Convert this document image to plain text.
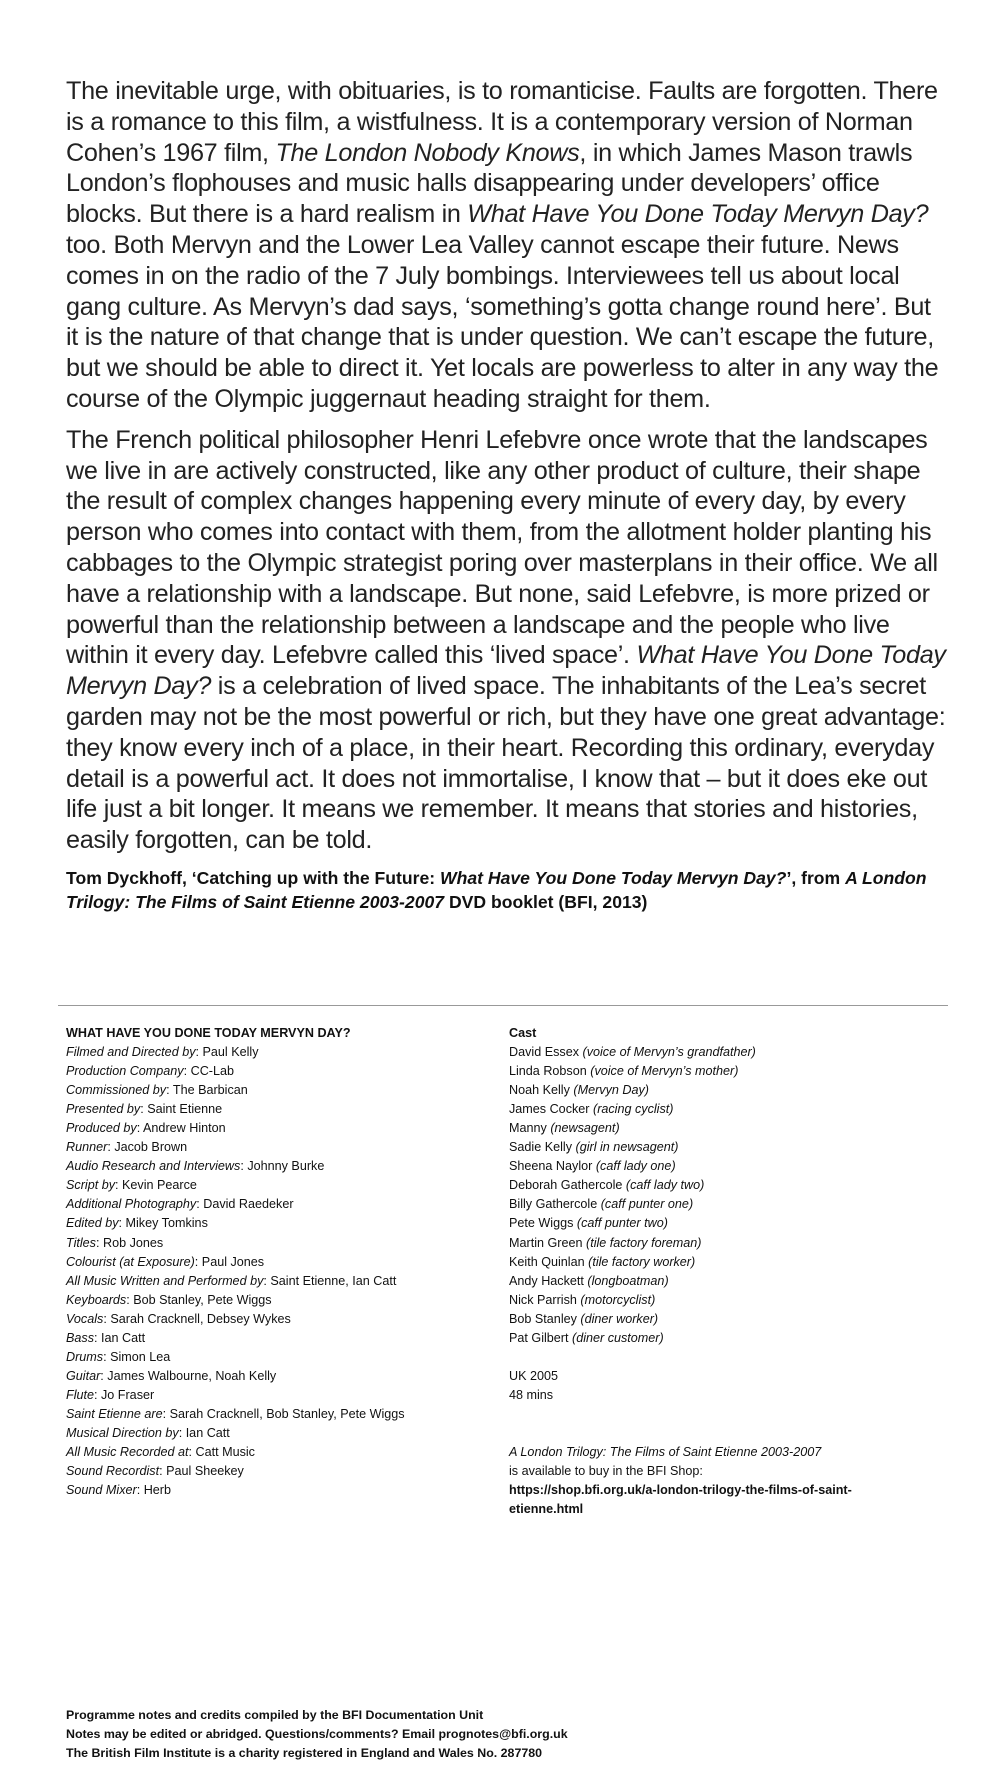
The inevitable urge, with obituaries, is to romanticise. Faults are forgotten. There is a romance to this film, a wistfulness. It is a contemporary version of Norman Cohen’s 1967 film, The London Nobody Knows, in which James Mason trawls London’s flophouses and music halls disappearing under developers’ office blocks. But there is a hard realism in What Have You Done Today Mervyn Day? too. Both Mervyn and the Lower Lea Valley cannot escape their future. News comes in on the radio of the 7 July bombings. Interviewees tell us about local gang culture. As Mervyn’s dad says, ‘something’s gotta change round here’. But it is the nature of that change that is under question. We can’t escape the future, but we should be able to direct it. Yet locals are powerless to alter in any way the course of the Olympic juggernaut heading straight for them.

The French political philosopher Henri Lefebvre once wrote that the landscapes we live in are actively constructed, like any other product of culture, their shape the result of complex changes happening every minute of every day, by every person who comes into contact with them, from the allotment holder planting his cabbages to the Olympic strategist poring over masterplans in their office. We all have a relationship with a landscape. But none, said Lefebvre, is more prized or powerful than the relationship between a landscape and the people who live within it every day. Lefebvre called this ‘lived space’. What Have You Done Today Mervyn Day? is a celebration of lived space. The inhabitants of the Lea’s secret garden may not be the most powerful or rich, but they have one great advantage: they know every inch of a place, in their heart. Recording this ordinary, everyday detail is a powerful act. It does not immortalise, I know that – but it does eke out life just a bit longer. It means we remember. It means that stories and histories, easily forgotten, can be told.

Tom Dyckhoff, ‘Catching up with the Future: What Have You Done Today Mervyn Day?’, from A London Trilogy: The Films of Saint Etienne 2003-2007 DVD booklet (BFI, 2013)
WHAT HAVE YOU DONE TODAY MERVYN DAY?
Filmed and Directed by: Paul Kelly
Production Company: CC-Lab
Commissioned by: The Barbican
Presented by: Saint Etienne
Produced by: Andrew Hinton
Runner: Jacob Brown
Audio Research and Interviews: Johnny Burke
Script by: Kevin Pearce
Additional Photography: David Raedeker
Edited by: Mikey Tomkins
Titles: Rob Jones
Colourist (at Exposure): Paul Jones
All Music Written and Performed by: Saint Etienne, Ian Catt
Keyboards: Bob Stanley, Pete Wiggs
Vocals: Sarah Cracknell, Debsey Wykes
Bass: Ian Catt
Drums: Simon Lea
Guitar: James Walbourne, Noah Kelly
Flute: Jo Fraser
Saint Etienne are: Sarah Cracknell, Bob Stanley, Pete Wiggs
Musical Direction by: Ian Catt
All Music Recorded at: Catt Music
Sound Recordist: Paul Sheekey
Sound Mixer: Herb
Cast
David Essex (voice of Mervyn’s grandfather)
Linda Robson (voice of Mervyn’s mother)
Noah Kelly (Mervyn Day)
James Cocker (racing cyclist)
Manny (newsagent)
Sadie Kelly (girl in newsagent)
Sheena Naylor (caff lady one)
Deborah Gathercole (caff lady two)
Billy Gathercole (caff punter one)
Pete Wiggs (caff punter two)
Martin Green (tile factory foreman)
Keith Quinlan (tile factory worker)
Andy Hackett (longboatman)
Nick Parrish (motorcyclist)
Bob Stanley (diner worker)
Pat Gilbert (diner customer)
UK 2005
48 mins
A London Trilogy: The Films of Saint Etienne 2003-2007
is available to buy in the BFI Shop:
https://shop.bfi.org.uk/a-london-trilogy-the-films-of-saint-
etienne.html
Programme notes and credits compiled by the BFI Documentation Unit
Notes may be edited or abridged. Questions/comments? Email prognotes@bfi.org.uk
The British Film Institute is a charity registered in England and Wales No. 287780
